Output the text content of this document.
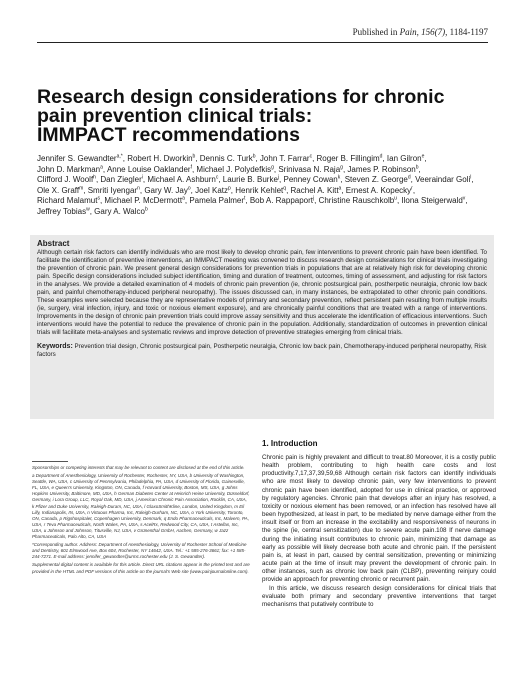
Published in Pain, 156(7), 1184-1197
Research design considerations for chronic
pain prevention clinical trials:
IMMPACT recommendations
Jennifer S. Gewandter$^{a,*}$, Robert H. Dworkin$^b$, Dennis C. Turk$^b$, John T. Farrar$^c$, Roger B. Fillingim$^d$, Ian Gilron$^e$, John D. Markman$^a$, Anne Louise Oaklander$^f$, Michael J. Polydefkis$^g$, Srinivasa N. Raja$^g$, James P. Robinson$^b$, Clifford J. Woolf$^h$, Dan Ziegler$^i$, Michael A. Ashburn$^c$, Laurie B. Burke$^j$, Penney Cowan$^k$, Steven Z. George$^d$, Veeraindar Goli$^l$, Ole X. Graff$^m$, Smriti Iyengar$^n$, Gary W. Jay$^o$, Joel Katz$^p$, Henrik Kehlet$^q$, Rachel A. Kitt$^a$, Ernest A. Kopecky$^r$, Richard Malamut$^s$, Michael P. McDermott$^a$, Pamela Palmer$^t$, Bob A. Rappaport$^j$, Christine Rauschkolb$^u$, Ilona Steigerwald$^v$, Jeffrey Tobias$^w$, Gary A. Walco$^b$
Abstract

Although certain risk factors can identify individuals who are most likely to develop chronic pain, few interventions to prevent chronic pain have been identified. To facilitate the identification of preventive interventions, an IMMPACT meeting was convened to discuss research design considerations for clinical trials investigating the prevention of chronic pain. We present general design considerations for prevention trials in populations that are at relatively high risk for developing chronic pain. Specific design considerations included subject identification, timing and duration of treatment, outcomes, timing of assessment, and adjusting for risk factors in the analyses. We provide a detailed examination of 4 models of chronic pain prevention (ie, chronic postsurgical pain, postherpetic neuralgia, chronic low back pain, and painful chemotherapy-induced peripheral neuropathy). The issues discussed can, in many instances, be extrapolated to other chronic pain conditions. These examples were selected because they are representative models of primary and secondary prevention, reflect persistent pain resulting from multiple insults (ie, surgery, viral infection, injury, and toxic or noxious element exposure), and are chronically painful conditions that are treated with a range of interventions. Improvements in the design of chronic pain prevention trials could improve assay sensitivity and thus accelerate the identification of efficacious interventions. Such interventions would have the potential to reduce the prevalence of chronic pain in the population. Additionally, standardization of outcomes in prevention clinical trials will facilitate meta-analyses and systematic reviews and improve detection of preventive strategies emerging from clinical trials.

Keywords: Prevention trial design, Chronic postsurgical pain, Postherpetic neuralgia, Chronic low back pain, Chemotherapy-induced peripheral neuropathy, Risk factors

Sponsorships or competing interests that may be relevant to content are disclosed at the end of this article.

a Department of Anesthesiology, University of Rochester, Rochester, NY, USA, b University of Washington, Seattle, WA, USA, c University of Pennsylvania, Philadelphia, PA, USA, d University of Florida, Gainesville, FL, USA, e Queen's University, Kingston, ON, Canada, f Harvard University, Boston, MS, USA, g Johns Hopkins University, Baltimore, MD, USA, h German Diabetes Center at Heinrich Heine University, Düsseldorf, Germany, i Lora Group, LLC, Royal Oak, MD, USA, j American Chronic Pain Association, Rocklin, CA, USA, k Pfizer and Duke University, Raleigh-Duram, NC, USA, l GlaxoSmithKline, London, United Kingdom, m Eli Lilly, Indianapolis, IN, USA, n Virtuous Pharma, Inc, Raleigh-Durham, NC, USA, o York University, Toronto, ON, Canada, p Rigshospitalet, Copenhagen University, Denmark, q Endo Pharmaceuticals, Inc, Malvern, PA, USA, r Teva Pharmaceuticals, North Wales, PA, USA, s AcelRx, Redwood City, CA, USA, t Astellas, Inc, USA, u Johnson and Johnson, Titusville, NJ, USA, v Grünenthal GmbH, Aachen, Germany, w Jazz Pharmaceuticals, Palo Alto, CA, USA

*Corresponding author. Address: Department of Anesthesiology, University of Rochester School of Medicine and Dentistry, 601 Elmwood Ave, Box 604, Rochester, NY 14642, USA. Tel.: +1 585-276-3661; fax: +1 585-244-7271. E-mail address: jennifer_gewandter@urmc.rochester.edu (J. S. Gewandter).

Supplemental digital content is available for this article. Direct URL citations appear in the printed text and are provided in the HTML and PDF versions of this article on the journal's Web site (www.painjournalonline.com).

1. Introduction

Chronic pain is highly prevalent and difficult to treat.80 Moreover, it is a costly public health problem, contributing to high health care costs and lost productivity.7,17,37,39,59,68 Although certain risk factors can identify individuals who are most likely to develop chronic pain, very few interventions to prevent chronic pain have been identified, adopted for use in clinical practice, or approved by regulatory agencies. Chronic pain that develops after an injury has resolved, a toxicity or noxious element has been removed, or an infection has resolved have all been hypothesized, at least in part, to be mediated by nerve damage either from the insult itself or from an increase in the excitability and responsiveness of neurons in the spine (ie, central sensitization) due to severe acute pain.108 If nerve damage during the initiating insult contributes to chronic pain, minimizing that damage as early as possible will likely decrease both acute and chronic pain. If the persistent pain is, at least in part, caused by central sensitization, preventing or minimizing acute pain at the time of insult may prevent the development of chronic pain. In other instances, such as chronic low back pain (CLBP), preventing reinjury could provide an approach for preventing chronic or recurrent pain.

In this article, we discuss research design considerations for clinical trials that evaluate both primary and secondary preventive interventions that target mechanisms that putatively contribute to
